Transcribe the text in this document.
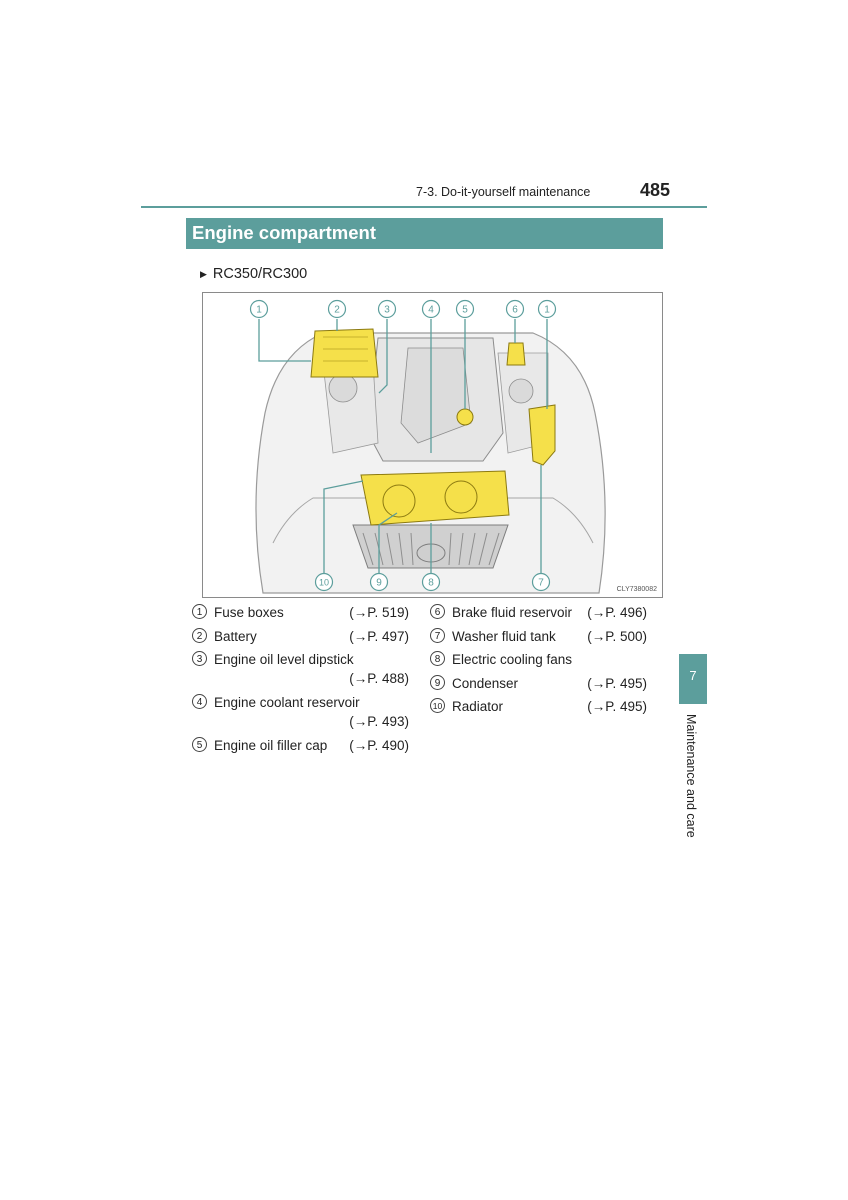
7-3. Do-it-yourself maintenance	485
Engine compartment
▶ RC350/RC300
1	2	3	4	5	6	1
10	9	8	7
CLY7380082
1 Fuse boxes	(→P. 519)
2 Battery	(→P. 497)
3 Engine oil level dipstick
(→P. 488)
4 Engine coolant reservoir
(→P. 493)
5 Engine oil filler cap (→P. 490)
6 Brake fluid reservoir (→P. 496)
7 Washer fluid tank (→P. 500)
8 Electric cooling fans
9 Condenser	(→P. 495)
10 Radiator	(→P. 495)
7
Maintenance and care
